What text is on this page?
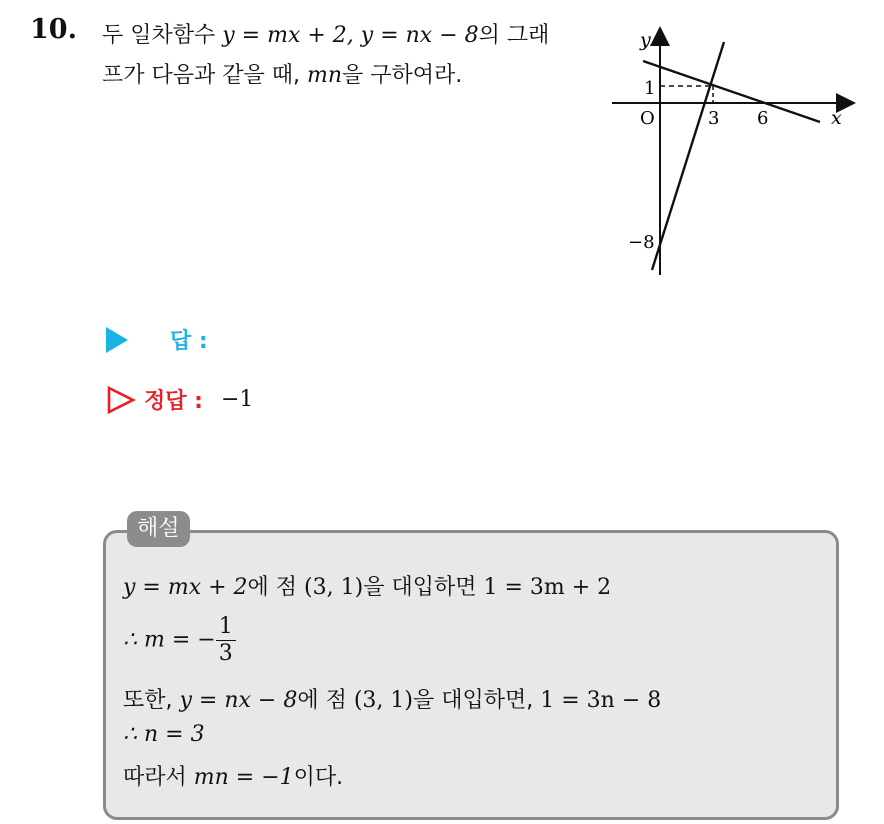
10. 두 일차함수 y = mx + 2, y = nx − 8의 그래
프가 다음과 같을 때, mn을 구하여라.
y
x
O
1
3 6
−8
답 :
정답 : −1
해설
y = mx + 2에 점 (3, 1)을 대입하면 1 = 3m + 2
∴ m = − $\frac{1}{3}$
또한, y = nx − 8에 점 (3, 1)을 대입하면, 1 = 3n − 8
∴ n = 3
따라서 mn = −1이다.
